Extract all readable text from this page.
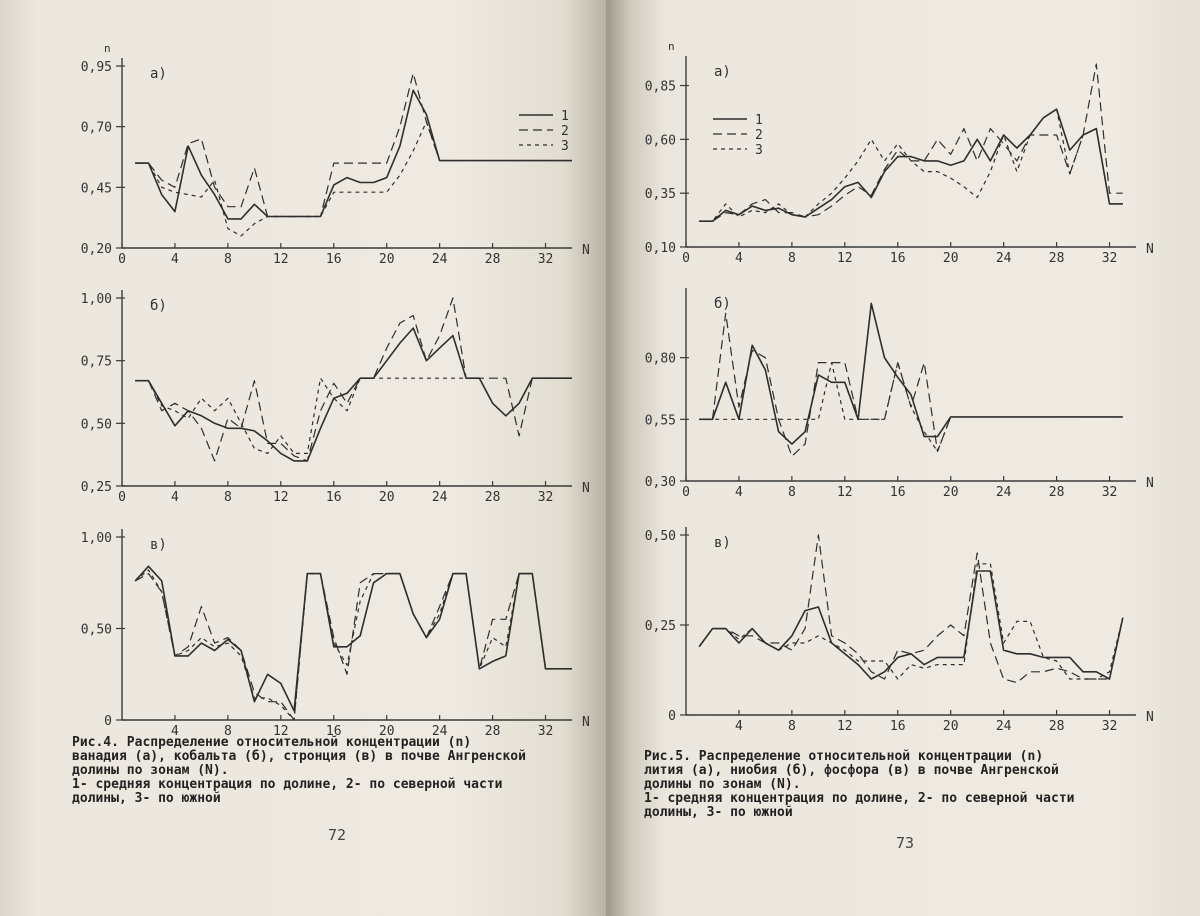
0,20
0,45
0,70
0,95
0	4	8	12	16	20	24	28	32
N
n
а)
1
2
3
0,25
0,50
0,75
1,00
0	4	8	12	16	20	24	28	32
N
б)
0
0,50
1,00
4	8	12	16	20	24	28	32
N
в)
Рис.4. Распределение относительной концентрации (n)
ванадия (а), кобальта (б), стронция (в) в почве Ангренской
долины по зонам (N).
1- средняя концентрация по долине, 2- по северной части
долины, 3- по южной
72
0,10
0,35
0,60
0,85
0	4	8	12	16	20	24	28	32
N
n
а)
1
2
3
0,30
0,55
0,80
0	4	8	12	16	20	24	28	32
N
б)
0
0,25
0,50
4	8	12	16	20	24	28	32
N
в)
Рис.5. Распределение относительной концентрации (n)
лития (а), ниобия (б), фосфора (в) в почве Ангренской
долины по зонам (N).
1- средняя концентрация по долине, 2- по северной части
долины, 3- по южной
73
